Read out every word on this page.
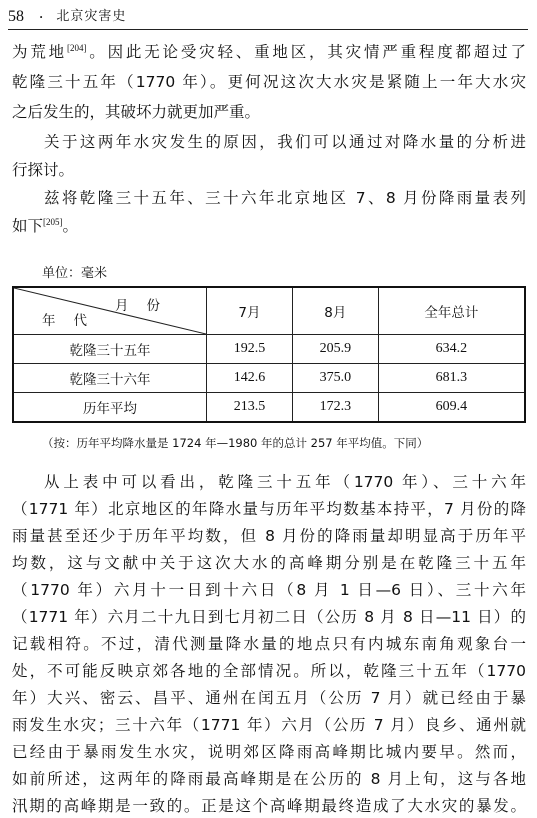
58 · 北京灾害史
为荒地[204]。因此无论受灾轻、重地区，其灾情严重程度都超过了
乾隆三十五年（1770 年）。更何况这次大水灾是紧随上一年大水灾
之后发生的，其破坏力就更加严重。
关于这两年水灾发生的原因，我们可以通过对降水量的分析进
行探讨。
兹将乾隆三十五年、三十六年北京地区 7、8 月份降雨量表列
如下[205]。
单位：毫米
月份
年代	7月	8月	全年总计
乾隆三十五年	192.5	205.9	634.2
乾隆三十六年	142.6	375.0	681.3
历年平均	213.5	172.3	609.4
（按：历年平均降水量是 1724 年—1980 年的总计 257 年平均值。下同）
从上表中可以看出，乾隆三十五年（1770 年）、三十六年
（1771 年）北京地区的年降水量与历年平均数基本持平，7 月份的降
雨量甚至还少于历年平均数，但 8 月份的降雨量却明显高于历年平
均数，这与文献中关于这次大水的高峰期分别是在乾隆三十五年
（1770 年）六月十一日到十六日（8 月 1 日—6 日）、三十六年
（1771 年）六月二十九日到七月初二日（公历 8 月 8 日—11 日）的
记载相符。不过，清代测量降水量的地点只有内城东南角观象台一
处，不可能反映京郊各地的全部情况。所以，乾隆三十五年（1770
年）大兴、密云、昌平、通州在闰五月（公历 7 月）就已经由于暴
雨发生水灾；三十六年（1771 年）六月（公历 7 月）良乡、通州就
已经由于暴雨发生水灾，说明郊区降雨高峰期比城内要早。然而，
如前所述，这两年的降雨最高峰期是在公历的 8 月上旬，这与各地
汛期的高峰期是一致的。正是这个高峰期最终造成了大水灾的暴发。
